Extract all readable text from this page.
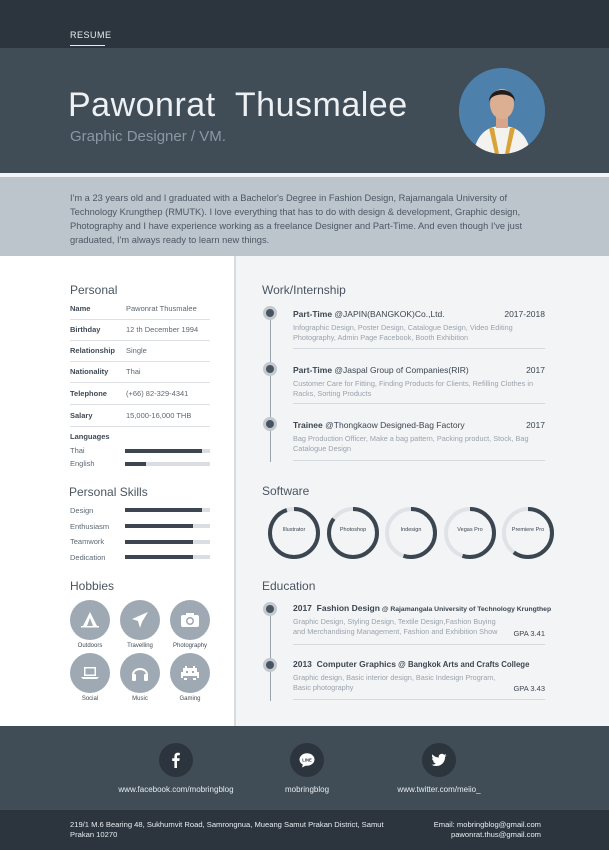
RESUME
Pawonrat  Thusmalee
Graphic Designer / VM.

I'm a 23 years old and I graduated with a Bachelor's Degree in Fashion Design, Rajamangala University of Technology Krungthep (RMUTK). I love everything that has to do with design & development, Graphic design, Photography and I have experience working as a freelance Designer and Part-Time. And even though I've just graduated, I'm always ready to learn new things.

Personal
Name	Pawonrat Thusmalee
Birthday	12 th December 1994
Relationship Single
Nationality Thai
Telephone	(+66) 82-329-4341
Salary	15,000-16,000 THB
Languages
Thai
English
Personal Skills
Design
Enthusiasm
Teamwork
Dedication
Hobbies
Outdoors	Travelling	Photography
Social	Music	Gaming
Work/Internship
Part-Time @JAPIN(BANGKOK)Co.,Ltd.	2017-2018
Infographic Design, Poster Design, Catalogue Design, Video Editing Photography, Admin Page Facebook, Booth Exhibition
Part-Time @Jaspal Group of Companies(RIR)	2017
Customer Care for Fitting, Finding Products for Clients, Refilling Clothes in Racks, Sorting Products
Trainee @Thongkaow Designed-Bag Factory	2017
Bag Production Officer, Make a bag pattern, Packing product, Stock, Bag Catalogue Design
Software
Illustrator	Photoshop	Indesign	Vegas Pro	Premiere Pro
Education
2017 Fashion Design @ Rajamangala University of Technology Krungthep
Graphic Design, Styling Design, Textile Design,Fashion Buying and Merchandising Management, Fashion and Exhibition Show	GPA 3.41
2013 Computer Graphics @ Bangkok Arts and Crafts College
Graphic design, Basic interior design, Basic Indesign Program, Basic photography	GPA 3.43
www.facebook.com/mobringblog
LINE
mobringblog	www.twitter.com/meiio_
219/1 M.6 Bearing 48, Sukhumvit Road, Samrongnua, Mueang Samut Prakan District, Samut Prakan 10270
Email: mobringblog@gmail.com
pawonrat.thus@gmail.com
